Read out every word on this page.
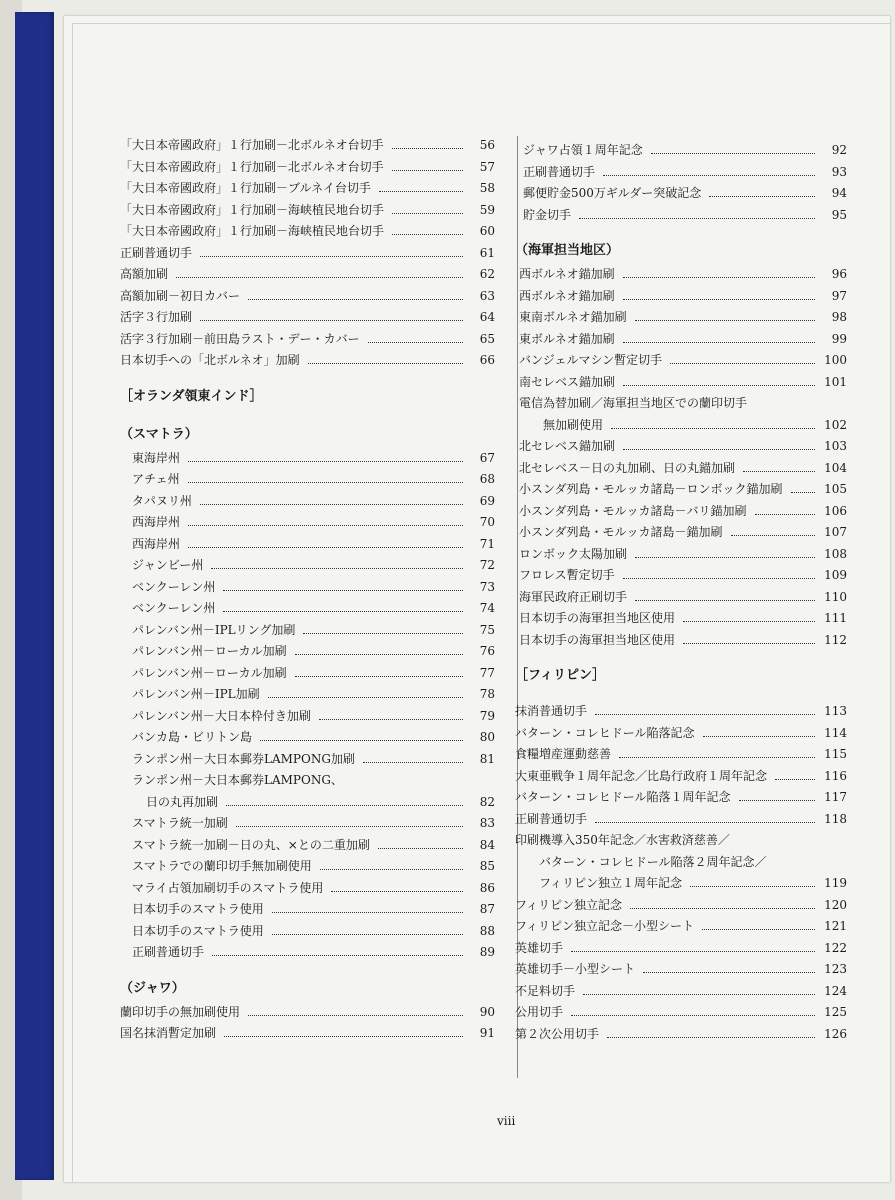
「大日本帝國政府」１行加刷－北ボルネオ台切手	56
「大日本帝國政府」１行加刷－北ボルネオ台切手	57
「大日本帝國政府」１行加刷－ブルネイ台切手	58
「大日本帝國政府」１行加刷－海峡植民地台切手	59
「大日本帝國政府」１行加刷－海峡植民地台切手	60
正刷普通切手	61
高額加刷	62
高額加刷－初日カバー	63
活字３行加刷	64
活字３行加刷－前田島ラスト・デー・カバー	65
日本切手への「北ボルネオ」加刷	66
［オランダ領東インド］
（スマトラ）
東海岸州	67
アチェ州	68
タパヌリ州	69
西海岸州	70
西海岸州	71
ジャンビー州	72
ベンクーレン州	73
ベンクーレン州	74
パレンバン州－IPLリング加刷	75
パレンバン州－ローカル加刷	76
パレンバン州－ローカル加刷	77
パレンバン州－IPL加刷	78
パレンバン州－大日本枠付き加刷	79
バンカ島・ビリトン島	80
ランポン州－大日本郵券LAMPONG加刷	81
ランポン州－大日本郵券LAMPONG、
日の丸再加刷	82
スマトラ統一加刷	83
スマトラ統一加刷－日の丸、×との二重加刷	84
スマトラでの蘭印切手無加刷使用	85
マライ占領加刷切手のスマトラ使用	86
日本切手のスマトラ使用	87
日本切手のスマトラ使用	88
正刷普通切手	89
（ジャワ）
蘭印切手の無加刷使用	90
国名抹消暫定加刷	91
ジャワ占領１周年記念	92
正刷普通切手	93
郵便貯金500万ギルダー突破記念	94
貯金切手	95
（海軍担当地区）
西ボルネオ錨加刷	96
西ボルネオ錨加刷	97
東南ボルネオ錨加刷	98
東ボルネオ錨加刷	99
バンジェルマシン暫定切手	100
南セレベス錨加刷	101
電信為替加刷／海軍担当地区での蘭印切手
無加刷使用	102
北セレベス錨加刷	103
北セレベス－日の丸加刷、日の丸錨加刷	104
小スンダ列島・モルッカ諸島－ロンボック錨加刷	105
小スンダ列島・モルッカ諸島－バリ錨加刷	106
小スンダ列島・モルッカ諸島－錨加刷	107
ロンボック太陽加刷	108
フロレス暫定切手	109
海軍民政府正刷切手	110
日本切手の海軍担当地区使用	111
日本切手の海軍担当地区使用	112
［フィリピン］
抹消普通切手	113
バターン・コレヒドール陥落記念	114
食糧増産運動慈善	115
大東亜戦争１周年記念／比島行政府１周年記念	116
バターン・コレヒドール陥落１周年記念	117
正刷普通切手	118
印刷機導入350年記念／水害救済慈善／
バターン・コレヒドール陥落２周年記念／
フィリピン独立１周年記念	119
フィリピン独立記念	120
フィリピン独立記念－小型シート	121
英雄切手	122
英雄切手－小型シート	123
不足料切手	124
公用切手	125
第２次公用切手	126
viii
